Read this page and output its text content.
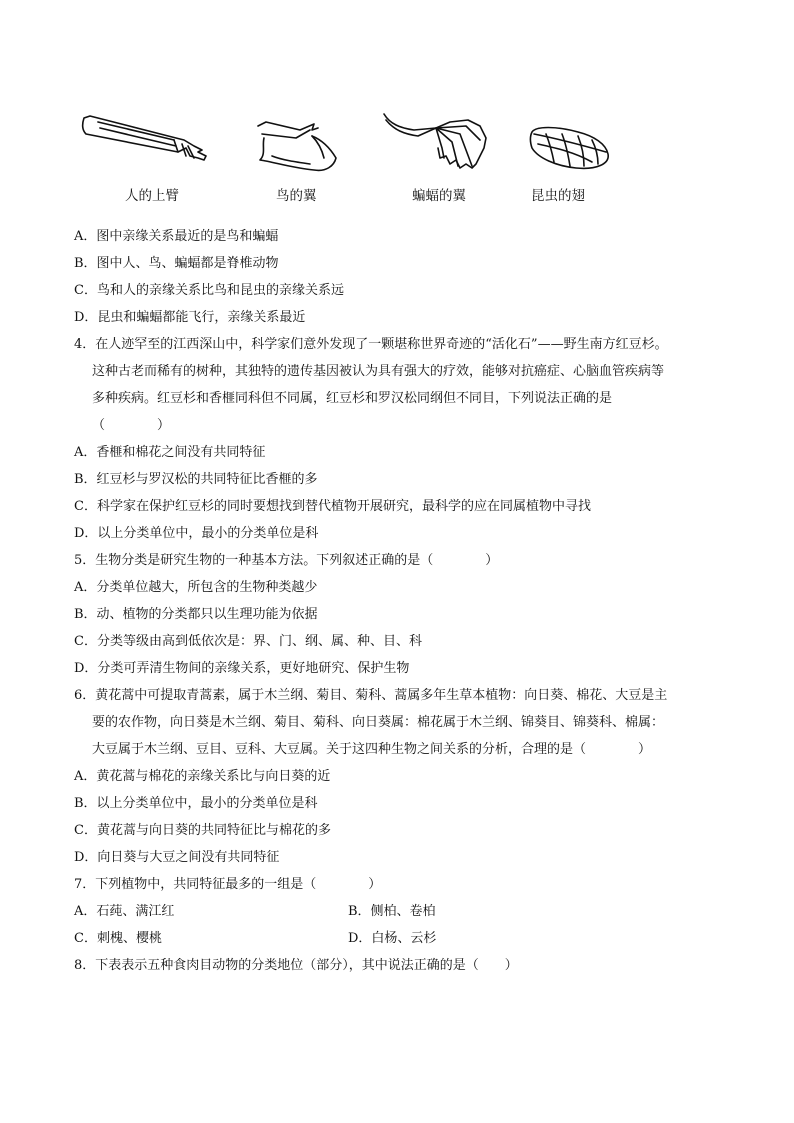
人的上臂	鸟的翼	蝙蝠的翼	昆虫的翅
A．图中亲缘关系最近的是鸟和蝙蝠
B．图中人、鸟、蝙蝠都是脊椎动物
C．鸟和人的亲缘关系比鸟和昆虫的亲缘关系远
D．昆虫和蝙蝠都能飞行，亲缘关系最近
4．在人迹罕至的江西深山中，科学家们意外发现了一颗堪称世界奇迹的“活化石”——野生南方红豆杉。
这种古老而稀有的树种，其独特的遗传基因被认为具有强大的疗效，能够对抗癌症、心脑血管疾病等
多种疾病。红豆杉和香榧同科但不同属，红豆杉和罗汉松同纲但不同目，下列说法正确的是
（　　　　）
A．香榧和棉花之间没有共同特征
B．红豆杉与罗汉松的共同特征比香榧的多
C．科学家在保护红豆杉的同时要想找到替代植物开展研究，最科学的应在同属植物中寻找
D．以上分类单位中，最小的分类单位是科
5．生物分类是研究生物的一种基本方法。下列叙述正确的是（　　　　）
A．分类单位越大，所包含的生物种类越少
B．动、植物的分类都只以生理功能为依据
C．分类等级由高到低依次是：界、门、纲、属、种、目、科
D．分类可弄清生物间的亲缘关系，更好地研究、保护生物
6．黄花蒿中可提取青蒿素，属于木兰纲、菊目、菊科、蒿属多年生草本植物：向日葵、棉花、大豆是主
要的农作物，向日葵是木兰纲、菊目、菊科、向日葵属：棉花属于木兰纲、锦葵目、锦葵科、棉属：
大豆属于木兰纲、豆目、豆科、大豆属。关于这四种生物之间关系的分析，合理的是（　　　　）
A．黄花蒿与棉花的亲缘关系比与向日葵的近
B．以上分类单位中，最小的分类单位是科
C．黄花蒿与向日葵的共同特征比与棉花的多
D．向日葵与大豆之间没有共同特征
7．下列植物中，共同特征最多的一组是（　　　　）
A．石莼、满江红	B．侧柏、卷柏
C．刺槐、樱桃	D．白杨、云杉
8．下表表示五种食肉目动物的分类地位（部分），其中说法正确的是（　　）
